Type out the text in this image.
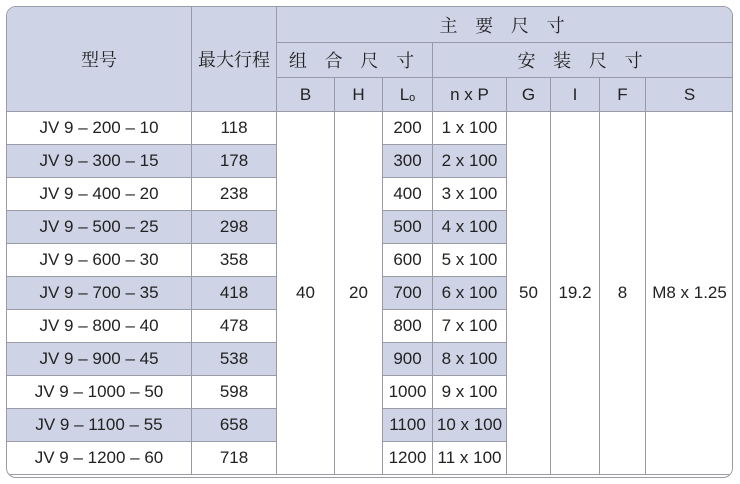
型号	最大行程	主 要 尺 寸							
		组 合 尺 寸			安 装 尺 寸				
		B	H	$L_o$	n x P	G	I	F	S
JV 9 – 200 – 10	118	40	20	200	1 x 100	50	19.2	8	M8 x 1.25
JV 9 – 300 – 15	178			300	2 x 100				
JV 9 – 400 – 20	238			400	3 x 100				
JV 9 – 500 – 25	298			500	4 x 100				
JV 9 – 600 – 30	358			600	5 x 100				
JV 9 – 700 – 35	418			700	6 x 100				
JV 9 – 800 – 40	478			800	7 x 100				
JV 9 – 900 – 45	538			900	8 x 100				
JV 9 – 1000 – 50	598			1000	9 x 100				
JV 9 – 1100 – 55	658			1100	10 x 100				
JV 9 – 1200 – 60	718			1200	11 x 100				
